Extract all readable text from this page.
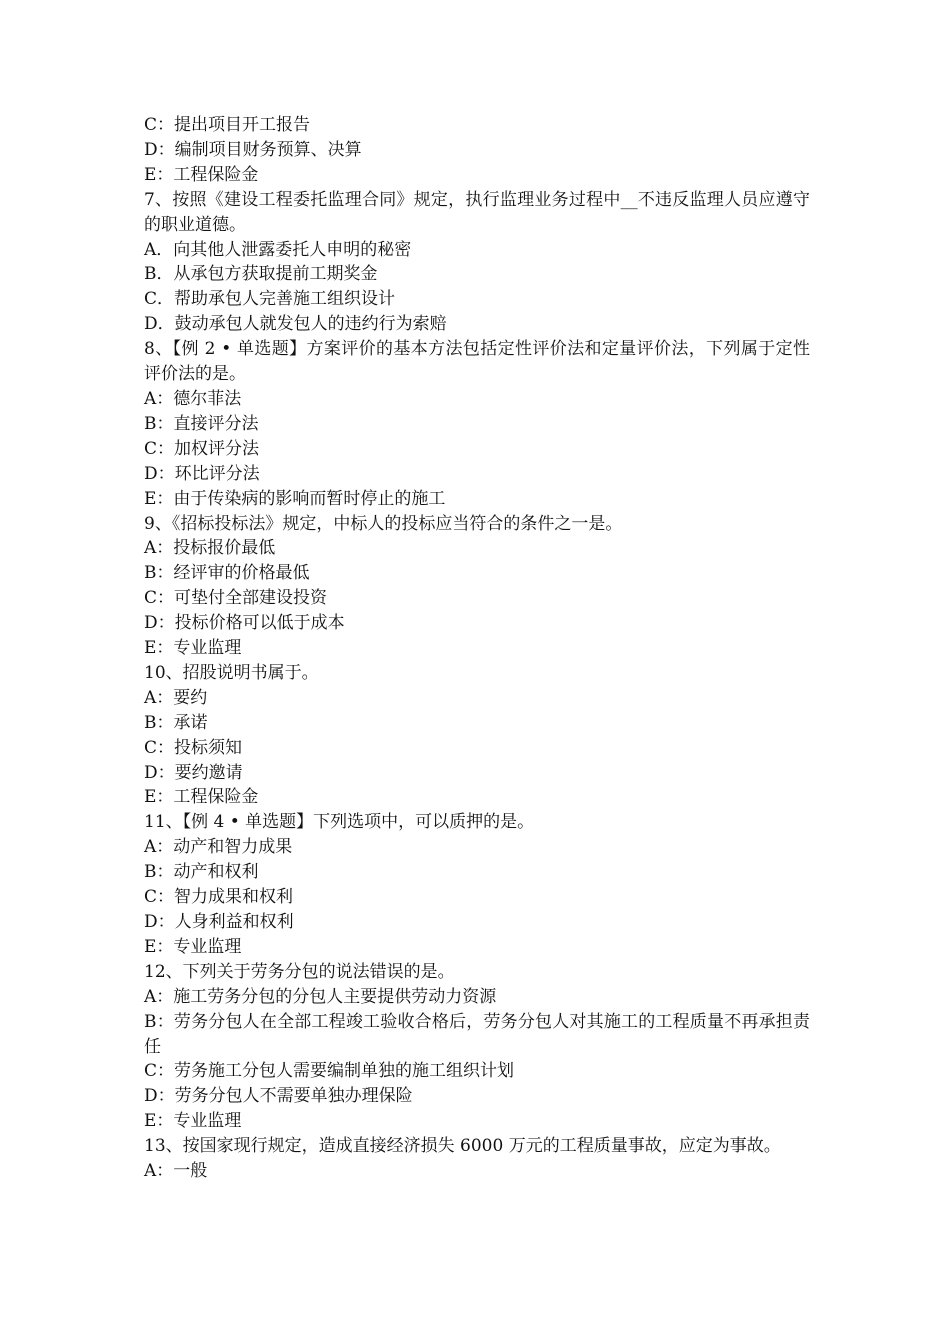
C：提出项目开工报告

D：编制项目财务预算、决算

E：工程保险金

7、按照《建设工程委托监理合同》规定，执行监理业务过程中__不违反监理人员应遵守的职业道德。

A．向其他人泄露委托人申明的秘密

B．从承包方获取提前工期奖金

C．帮助承包人完善施工组织设计

D．鼓动承包人就发包人的违约行为索赔

8、【例 2 • 单选题】方案评价的基本方法包括定性评价法和定量评价法，下列属于定性评价法的是。

A：德尔菲法

B：直接评分法

C：加权评分法

D：环比评分法

E：由于传染病的影响而暂时停止的施工

9、《招标投标法》规定，中标人的投标应当符合的条件之一是。

A：投标报价最低

B：经评审的价格最低

C：可垫付全部建设投资

D：投标价格可以低于成本

E：专业监理

10、招股说明书属于。

A：要约

B：承诺

C：投标须知

D：要约邀请

E：工程保险金

11、【例 4 • 单选题】下列选项中，可以质押的是。

A：动产和智力成果

B：动产和权利

C：智力成果和权利

D：人身利益和权利

E：专业监理

12、下列关于劳务分包的说法错误的是。

A：施工劳务分包的分包人主要提供劳动力资源

B：劳务分包人在全部工程竣工验收合格后，劳务分包人对其施工的工程质量不再承担责任

C：劳务施工分包人需要编制单独的施工组织计划

D：劳务分包人不需要单独办理保险

E：专业监理

13、按国家现行规定，造成直接经济损失 6000 万元的工程质量事故，应定为事故。

A：一般
